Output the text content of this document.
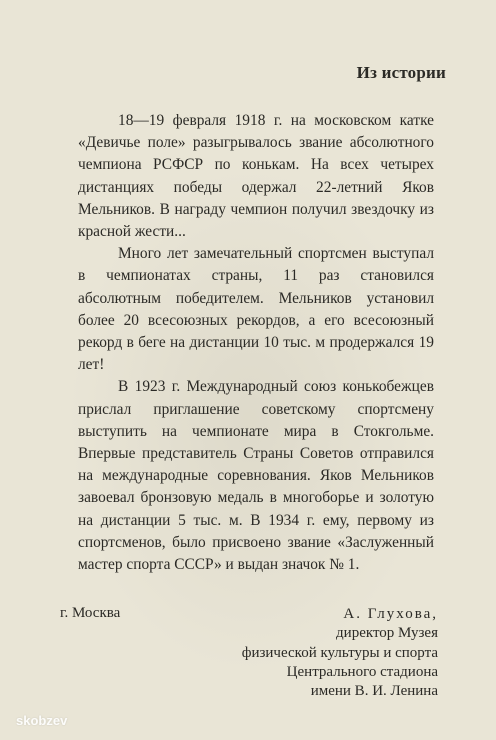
Из истории

18—19 февраля 1918 г. на московском катке «Девичье поле» разыгрывалось звание абсолютного чемпиона РСФСР по конькам. На всех четырех дистанциях победы одержал 22-летний Яков Мельников. В награду чемпион получил звездочку из красной жести...

Много лет замечательный спортсмен выступал в чемпионатах страны, 11 раз становился абсолютным победителем. Мельников установил более 20 всесоюзных рекордов, а его всесоюзный рекорд в беге на дистанции 10 тыс. м продержался 19 лет!

В 1923 г. Международный союз конькобежцев прислал приглашение советскому спортсмену выступить на чемпионате мира в Стокгольме. Впервые представитель Страны Советов отправился на международные соревнования. Яков Мельников завоевал бронзовую медаль в многоборье и золотую на дистанции 5 тыс. м. В 1934 г. ему, первому из спортсменов, было присвоено звание «Заслуженный мастер спорта СССР» и выдан значок № 1.

г. Москва	А. Глухова,
директор Музея
физической культуры и спорта
Центрального стадиона
имени В. И. Ленина
skobzev
